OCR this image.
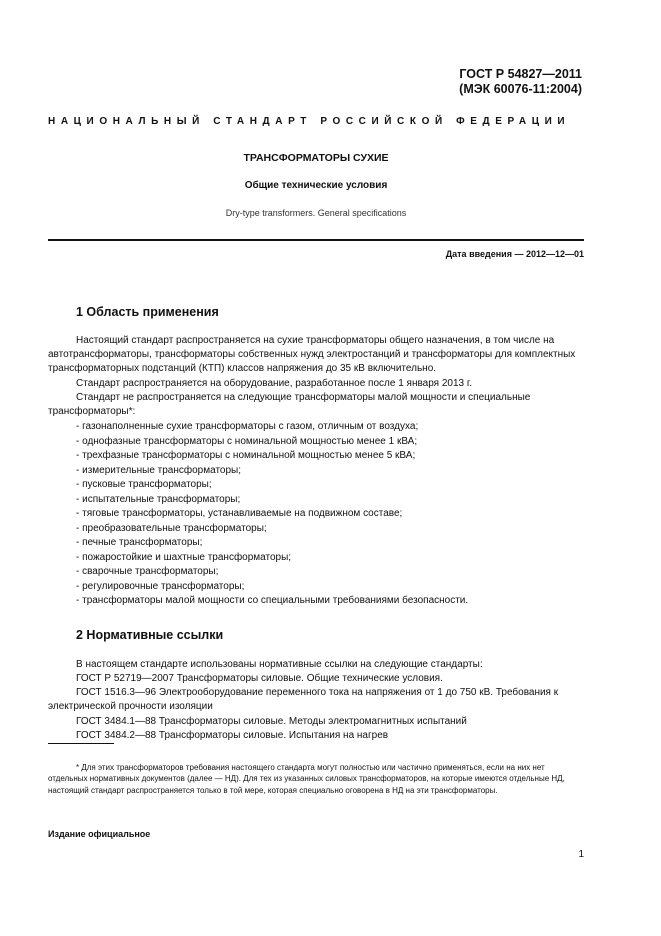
ГОСТ Р 54827—2011
(МЭК 60076-11:2004)
НАЦИОНАЛЬНЫЙ СТАНДАРТ РОССИЙСКОЙ ФЕДЕРАЦИИ
ТРАНСФОРМАТОРЫ СУХИЕ
Общие технические условия
Dry-type transformers. General specifications
Дата введения — 2012—12—01
1 Область применения

Настоящий стандарт распространяется на сухие трансформаторы общего назначения, в том числе на автотрансформаторы, трансформаторы собственных нужд электростанций и трансформаторы для комплектных трансформаторных подстанций (КТП) классов напряжения до 35 кВ включительно.

Стандарт распространяется на оборудование, разработанное после 1 января 2013 г.

Стандарт не распространяется на следующие трансформаторы малой мощности и специальные трансформаторы*:

- газонаполненные сухие трансформаторы с газом, отличным от воздуха;
- однофазные трансформаторы с номинальной мощностью менее 1 кВА;
- трехфазные трансформаторы с номинальной мощностью менее 5 кВА;
- измерительные трансформаторы;
- пусковые трансформаторы;
- испытательные трансформаторы;
- тяговые трансформаторы, устанавливаемые на подвижном составе;
- преобразовательные трансформаторы;
- печные трансформаторы;
- пожаростойкие и шахтные трансформаторы;
- сварочные трансформаторы;
- регулировочные трансформаторы;
- трансформаторы малой мощности со специальными требованиями безопасности.
2 Нормативные ссылки

В настоящем стандарте использованы нормативные ссылки на следующие стандарты:

ГОСТ Р 52719—2007 Трансформаторы силовые. Общие технические условия.

ГОСТ 1516.3—96 Электрооборудование переменного тока на напряжения от 1 до 750 кВ. Требования к электрической прочности изоляции

ГОСТ 3484.1—88 Трансформаторы силовые. Методы электромагнитных испытаний

ГОСТ 3484.2—88 Трансформаторы силовые. Испытания на нагрев

* Для этих трансформаторов требования настоящего стандарта могут полностью или частично применяться, если на них нет отдельных нормативных документов (далее — НД). Для тех из указанных силовых трансформаторов, на которые имеются отдельные НД, настоящий стандарт распространяется только в той мере, которая специально оговорена в НД на эти трансформаторы.

Издание официальное
1
